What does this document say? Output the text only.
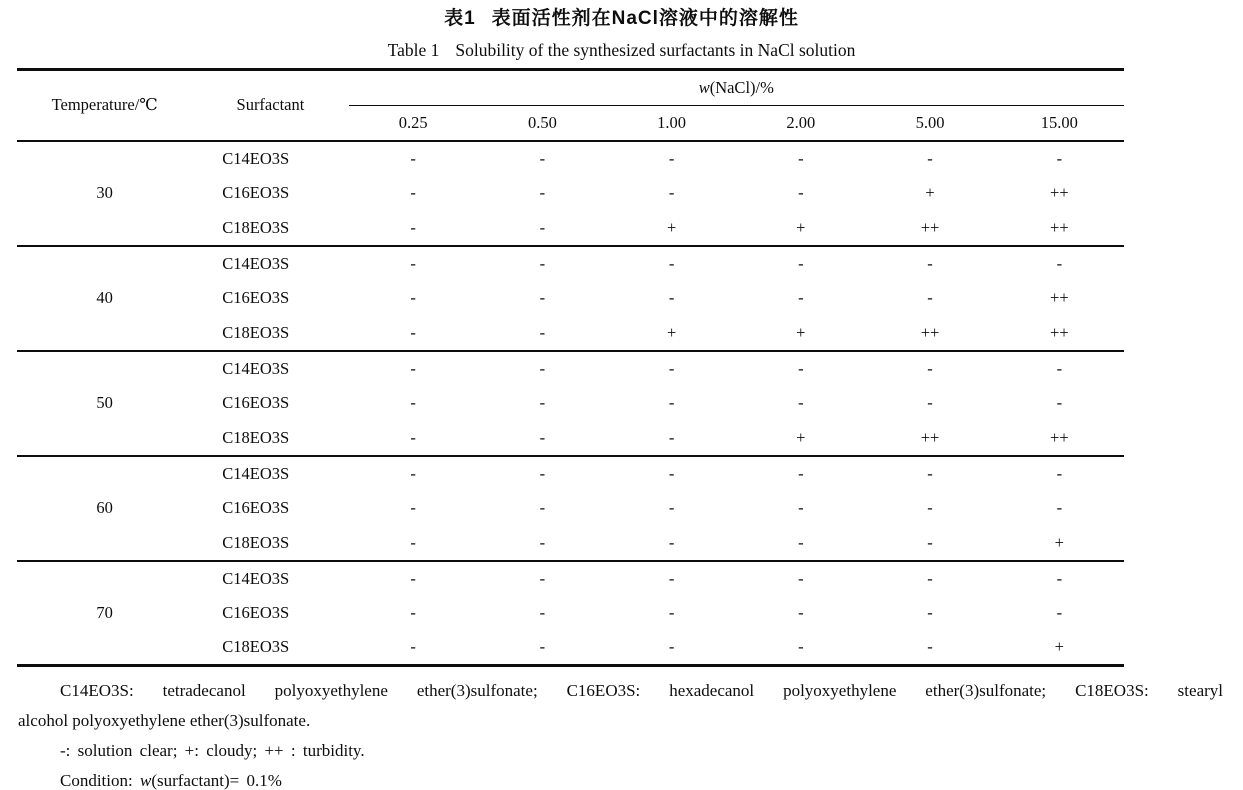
表1 表面活性剂在NaCl溶液中的溶解性
Table 1 Solubility of the synthesized surfactants in NaCl solution
Temperature/℃	Surfactant	w(NaCl)/%					
		0.25	0.50	1.00	2.00	5.00	15.00
30	C14EO3S	-	-	-	-	-	-
	C16EO3S	-	-	-	-	+	++
	C18EO3S	-	-	+	+	++	++
40	C14EO3S	-	-	-	-	-	-
	C16EO3S	-	-	-	-	-	++
	C18EO3S	-	-	+	+	++	++
50	C14EO3S	-	-	-	-	-	-
	C16EO3S	-	-	-	-	-	-
	C18EO3S	-	-	-	+	++	++
60	C14EO3S	-	-	-	-	-	-
	C16EO3S	-	-	-	-	-	-
	C18EO3S	-	-	-	-	-	+
70	C14EO3S	-	-	-	-	-	-
	C16EO3S	-	-	-	-	-	-
	C18EO3S	-	-	-	-	-	+

C14EO3S: tetradecanol polyoxyethylene ether(3)sulfonate; C16EO3S: hexadecanol polyoxyethylene ether(3)sulfonate; C18EO3S: stearyl
alcohol polyoxyethylene ether(3)sulfonate.

-: solution clear; +: cloudy; ++ : turbidity.

Condition: w(surfactant)= 0.1%
